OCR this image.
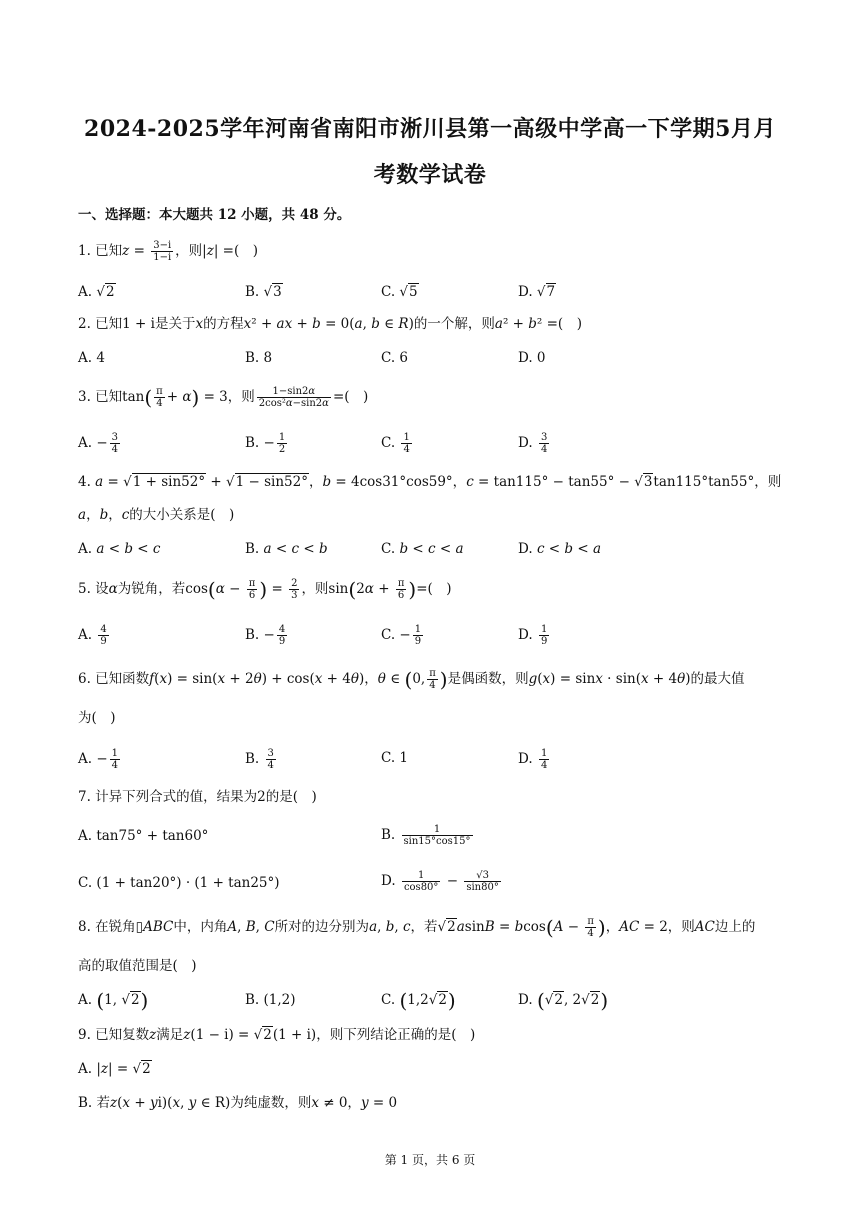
2024-2025学年河南省南阳市淅川县第一高级中学高一下学期5月月
考数学试卷
一、选择题：本大题共 12 小题，共 48 分。
1. 已知$z = \frac{3-i}{1-i}$ ，则|z| =(　)
A. √2	B. √3	C. √5	D. √7
2. 已知1 + i是关于x的方程x² + ax + b = 0(a, b ∈ R)的一个解，则a² + b² =(　)
A. 4	B. 8	C. 6	D. 0
3. 已知$\tan( \frac{\pi}{4} + \alpha) = 3$，则 $\frac{1-\sin 2\alpha}{\text{2cos²α−sin2α}}$ =(　)
A. − $\frac{3}{4}$	B. − $\frac{1}{2}$	C. $\frac{1}{4}$	D. $\frac{3}{4}$
4. a = √1 + sin52° + √1 − sin52°，b = 4cos31°cos59°，c = tan115° − tan55° − √3tan115°tan55°，则
a，b，c的大小关系是(　)
A. a < b < c	B. a < c < b	C. b < c < a	D. c < b < a
5. 设α为锐角，若$\cos(\alpha - \frac{\pi}{6}$ ) = $\frac{2}{3}$ ，则$\sin(2\alpha + \frac{\pi}{6}$ )=(　)
A. $\frac{4}{9}$	B. − $\frac{4}{9}$	C. − $\frac{1}{9}$	D. $\frac{1}{9}$
6. 已知函数f(x) = sin(x + 2θ) + cos(x + 4θ)，θ ∈ (0, $\frac{\pi}{4}$ )是偶函数，则g(x) = sinx · sin(x + 4θ)的最大值
为(　)
A. − $\frac{1}{4}$	B. $\frac{3}{4}$	C. 1	D. $\frac{1}{4}$
7. 计异下列合式的值，结果为2的是(　)
A. tan75° + tan60°	B. $\frac{1}{\sin 15^\circ\cos 15^\circ}$
C. (1 + tan20°) · (1 + tan25°)	D. $\frac{1}{\cos 80^\circ} - \frac{√3}{\sin 80^\circ}$
8. 在锐角▯ABC中，内角A, B, C所对的边分别为a, b, c，若$√2asinB = bcos(A - \frac{\pi}{4}$ )，AC = 2，则AC边上的
高的取值范围是(　)
A. (1, √2)	B. (1,2)	C. (1,2√2)	D. (√2, 2√2)
9. 已知复数z满足z(1 − i) = √2(1 + i)，则下列结论正确的是(　)
A. |z| = √2
B. 若z(x + yi)(x, y ∈ R)为纯虚数，则x ≠ 0，y = 0
第 1 页，共 6 页
